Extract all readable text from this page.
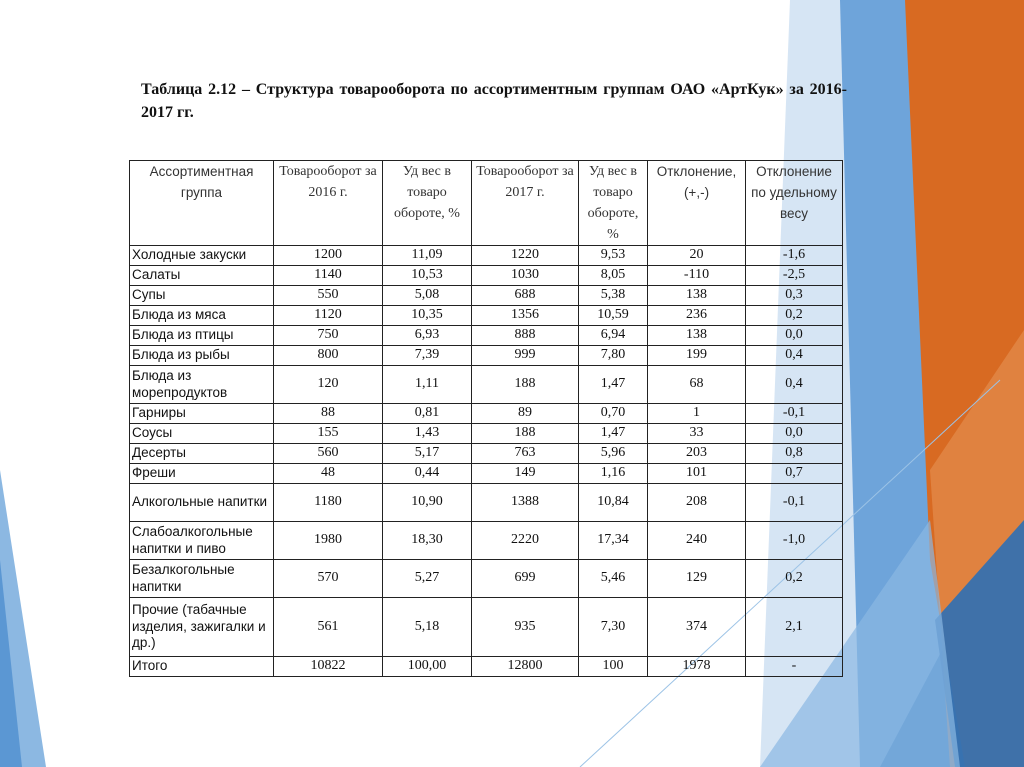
Таблица 2.12 – Структура товарооборота по ассортиментным группам ОАО «АртКук» за 2016-2017 гг.
Ассортиментная группа	Товарооборот за 2016 г.	Уд вес в товаро обороте, %	Товарооборот за 2017 г.	Уд вес в товаро обороте, %	Отклонение, (+,-)	Отклонение по удельному весу
Холодные закуски	1200	11,09	1220	9,53	20	-1,6
Салаты	1140	10,53	1030	8,05	-110	-2,5
Супы	550	5,08	688	5,38	138	0,3
Блюда из мяса	1120	10,35	1356	10,59	236	0,2
Блюда из птицы	750	6,93	888	6,94	138	0,0
Блюда из рыбы	800	7,39	999	7,80	199	0,4
Блюда из морепродуктов	120	1,11	188	1,47	68	0,4
Гарниры	88	0,81	89	0,70	1	-0,1
Соусы	155	1,43	188	1,47	33	0,0
Десерты	560	5,17	763	5,96	203	0,8
Фреши	48	0,44	149	1,16	101	0,7
Алкогольные напитки	1180	10,90	1388	10,84	208	-0,1
Слабоалкогольные напитки и пиво	1980	18,30	2220	17,34	240	-1,0
Безалкогольные напитки	570	5,27	699	5,46	129	0,2
Прочие (табачные изделия, зажигалки и др.)	561	5,18	935	7,30	374	2,1
Итого	10822	100,00	12800	100	1978	-
